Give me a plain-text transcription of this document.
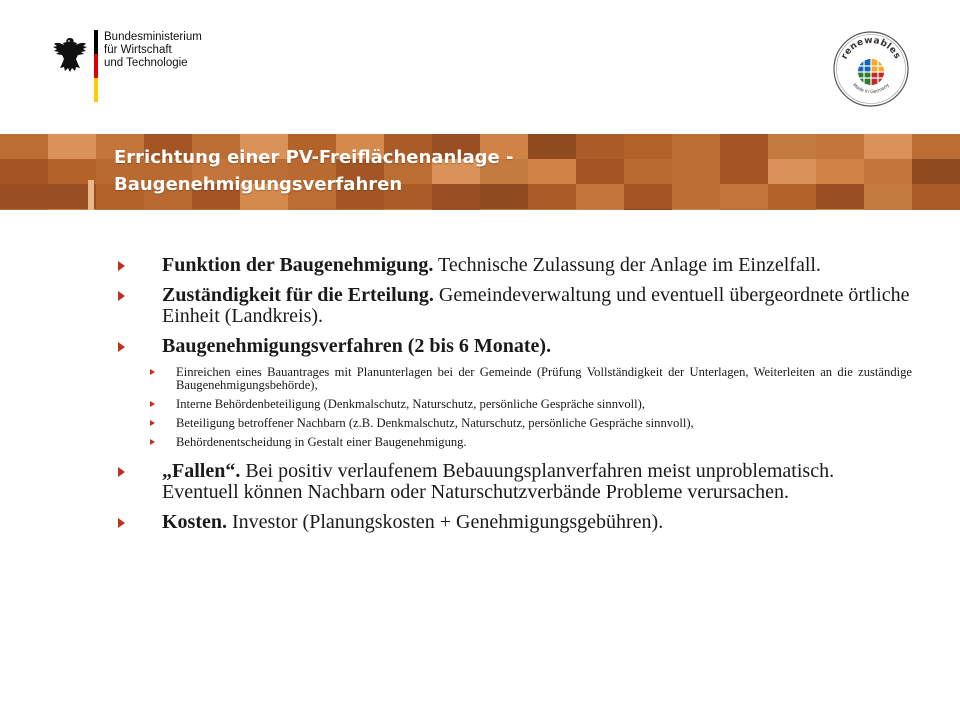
Bundesministerium
für Wirtschaft
und Technologie
renewables
Made in Germany
Errichtung einer PV-Freiflächenanlage -
Baugenehmigungsverfahren
Funktion der Baugenehmigung. Technische Zulassung der Anlage im Einzelfall.
Zuständigkeit für die Erteilung. Gemeindeverwaltung und eventuell übergeordnete örtliche Einheit (Landkreis).
Baugenehmigungsverfahren (2 bis 6 Monate).
Einreichen eines Bauantrages mit Planunterlagen bei der Gemeinde (Prüfung Vollständigkeit der Unterlagen, Weiterleiten an die zuständige Baugenehmigungsbehörde),
Interne Behördenbeteiligung (Denkmalschutz, Naturschutz, persönliche Gespräche sinnvoll),
Beteiligung betroffener Nachbarn (z.B. Denkmalschutz, Naturschutz, persönliche Gespräche sinnvoll),
Behördenentscheidung in Gestalt einer Baugenehmigung.
„Fallen“. Bei positiv verlaufenem Bebauungsplanverfahren meist unproblematisch. Eventuell können Nachbarn oder Naturschutzverbände Probleme verursachen.
Kosten. Investor (Planungskosten + Genehmigungsgebühren).
